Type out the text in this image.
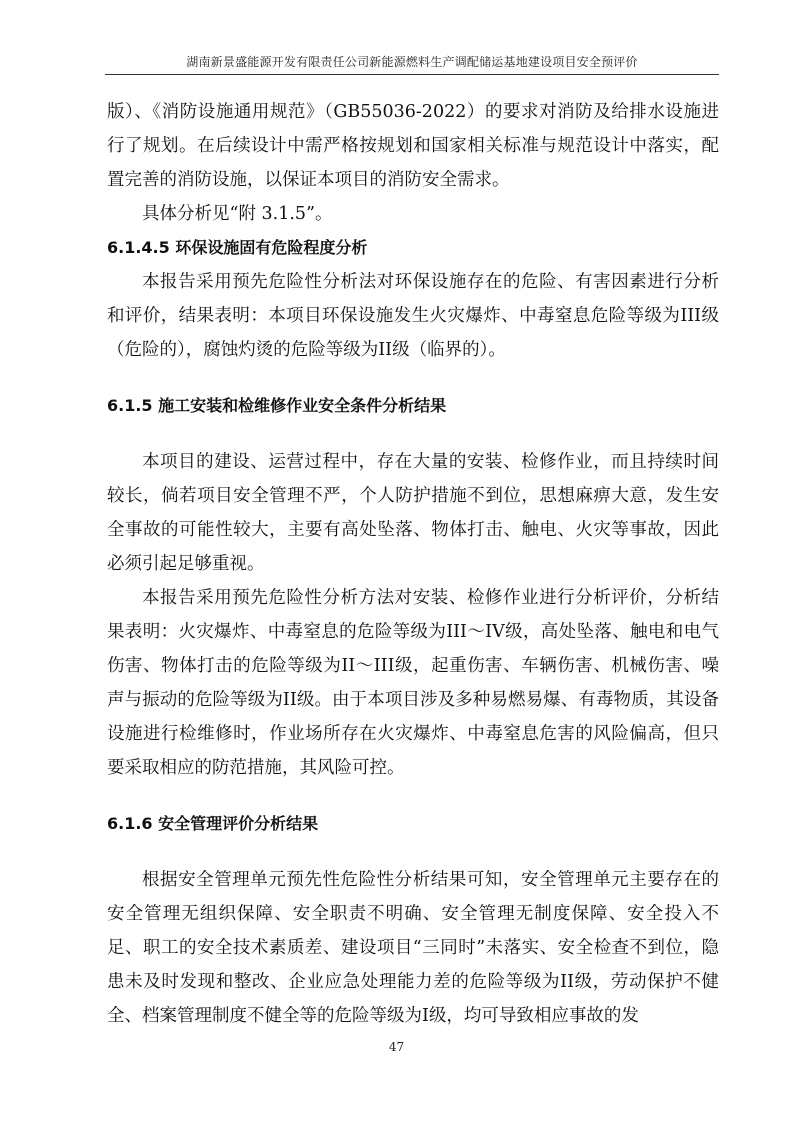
湖南新景盛能源开发有限责任公司新能源燃料生产调配储运基地建设项目安全预评价

版）、《消防设施通用规范》（GB55036-2022）的要求对消防及给排水设施进行了规划。在后续设计中需严格按规划和国家相关标准与规范设计中落实，配置完善的消防设施，以保证本项目的消防安全需求。

具体分析见“附 3.1.5”。

6.1.4.5 环保设施固有危险程度分析

本报告采用预先危险性分析法对环保设施存在的危险、有害因素进行分析和评价，结果表明：本项目环保设施发生火灾爆炸、中毒窒息危险等级为III级（危险的），腐蚀灼烫的危险等级为II级（临界的）。

6.1.5 施工安装和检维修作业安全条件分析结果

本项目的建设、运营过程中，存在大量的安装、检修作业，而且持续时间较长，倘若项目安全管理不严，个人防护措施不到位，思想麻痹大意，发生安全事故的可能性较大，主要有高处坠落、物体打击、触电、火灾等事故，因此必须引起足够重视。

本报告采用预先危险性分析方法对安装、检修作业进行分析评价，分析结果表明：火灾爆炸、中毒窒息的危险等级为III～IV级，高处坠落、触电和电气伤害、物体打击的危险等级为II～III级，起重伤害、车辆伤害、机械伤害、噪声与振动的危险等级为II级。由于本项目涉及多种易燃易爆、有毒物质，其设备设施进行检维修时，作业场所存在火灾爆炸、中毒窒息危害的风险偏高，但只要采取相应的防范措施，其风险可控。

6.1.6 安全管理评价分析结果

根据安全管理单元预先性危险性分析结果可知，安全管理单元主要存在的安全管理无组织保障、安全职责不明确、安全管理无制度保障、安全投入不足、职工的安全技术素质差、建设项目“三同时”未落实、安全检查不到位，隐患未及时发现和整改、企业应急处理能力差的危险等级为II级，劳动保护不健全、档案管理制度不健全等的危险等级为I级，均可导致相应事故的发

47
